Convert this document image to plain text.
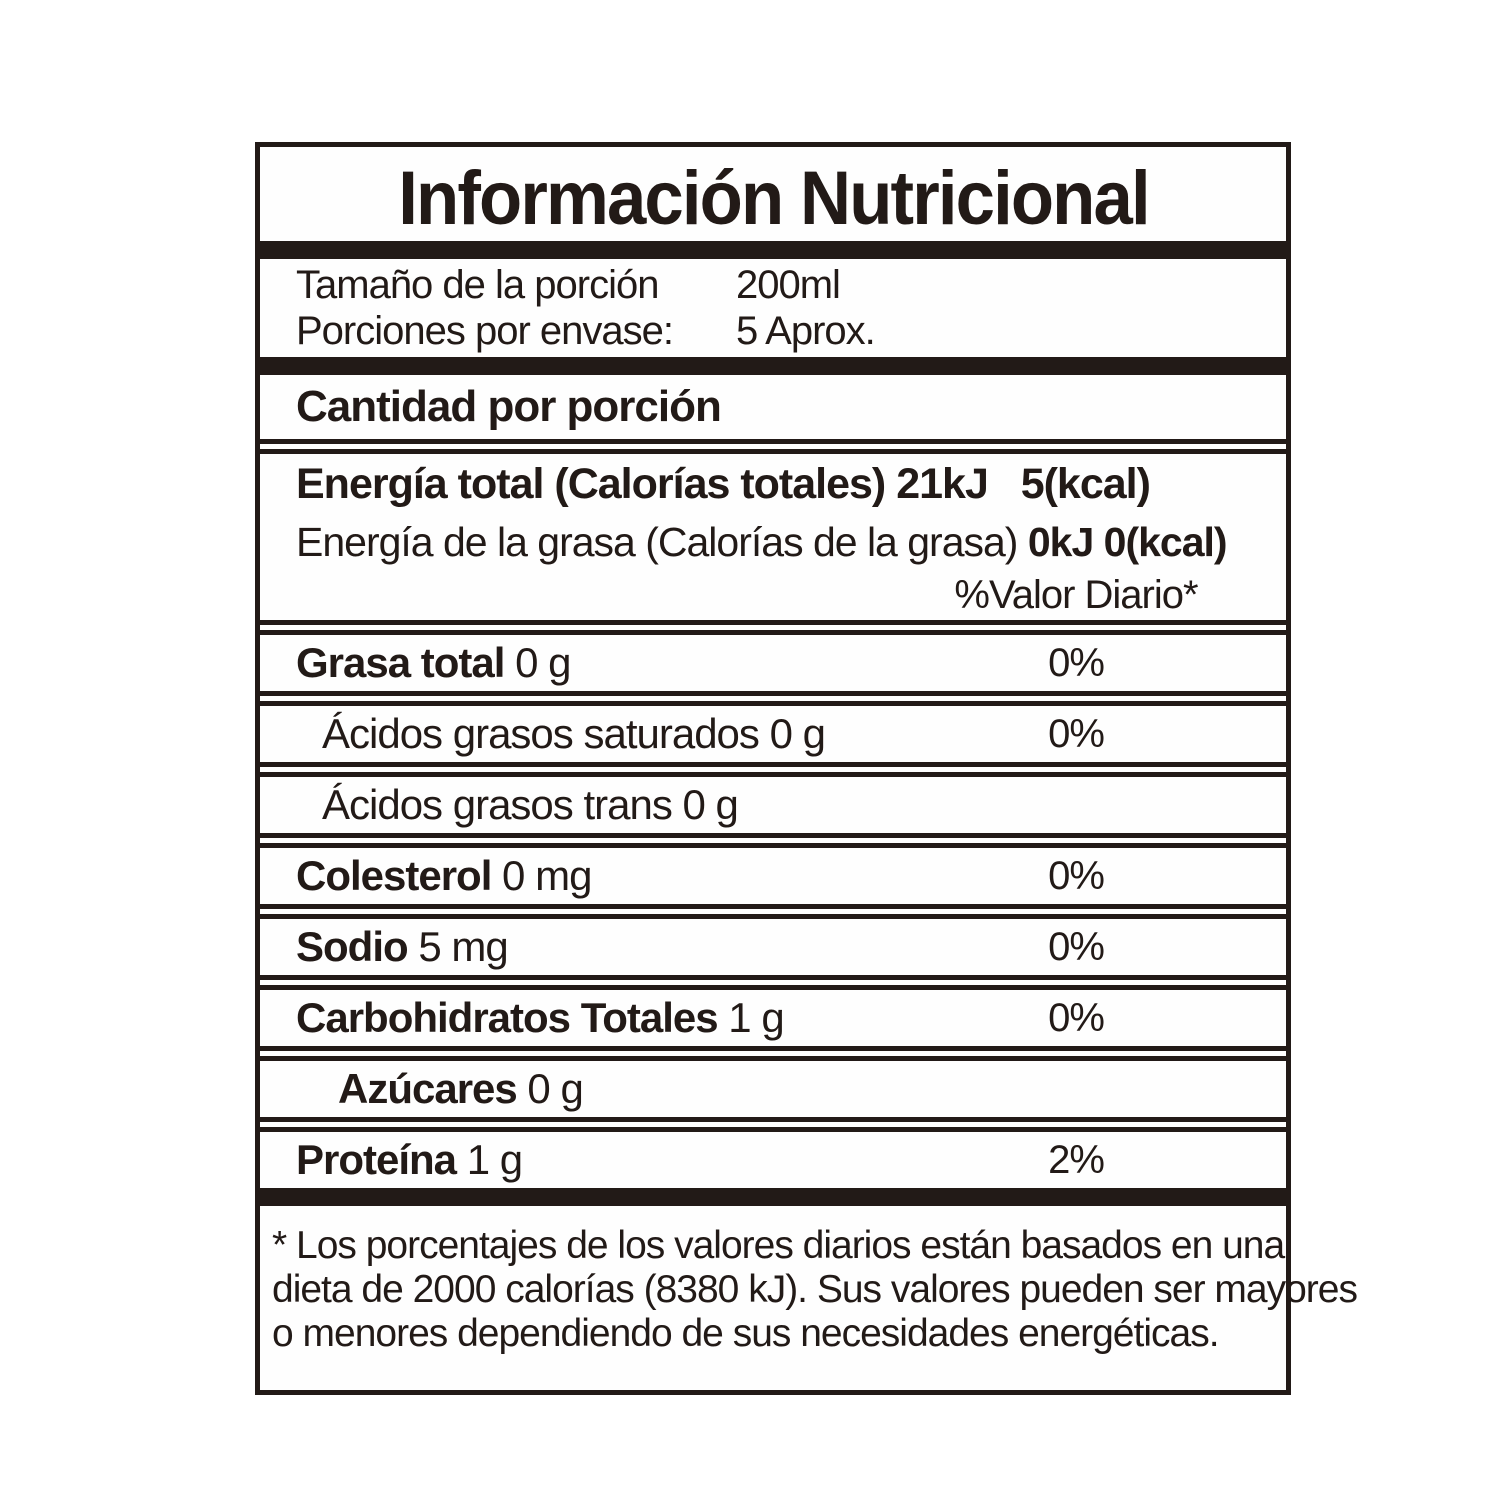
Información Nutricional
Tamaño de la porción	200ml
Porciones por envase:	5 Aprox.
Cantidad por porción
Energía total (Calorías totales) 21kJ   5(kcal)
Energía de la grasa (Calorías de la grasa) 0kJ 0(kcal)
%Valor Diario*
Grasa total 0 g	0%
Ácidos grasos saturados 0 g	0%
Ácidos grasos trans 0 g
Colesterol 0 mg	0%
Sodio 5 mg	0%
Carbohidratos Totales 1 g	0%
Azúcares 0 g
Proteína 1 g	2%
* Los porcentajes de los valores diarios están basados en una
dieta de 2000 calorías (8380 kJ). Sus valores pueden ser mayores
o menores dependiendo de sus necesidades energéticas.
